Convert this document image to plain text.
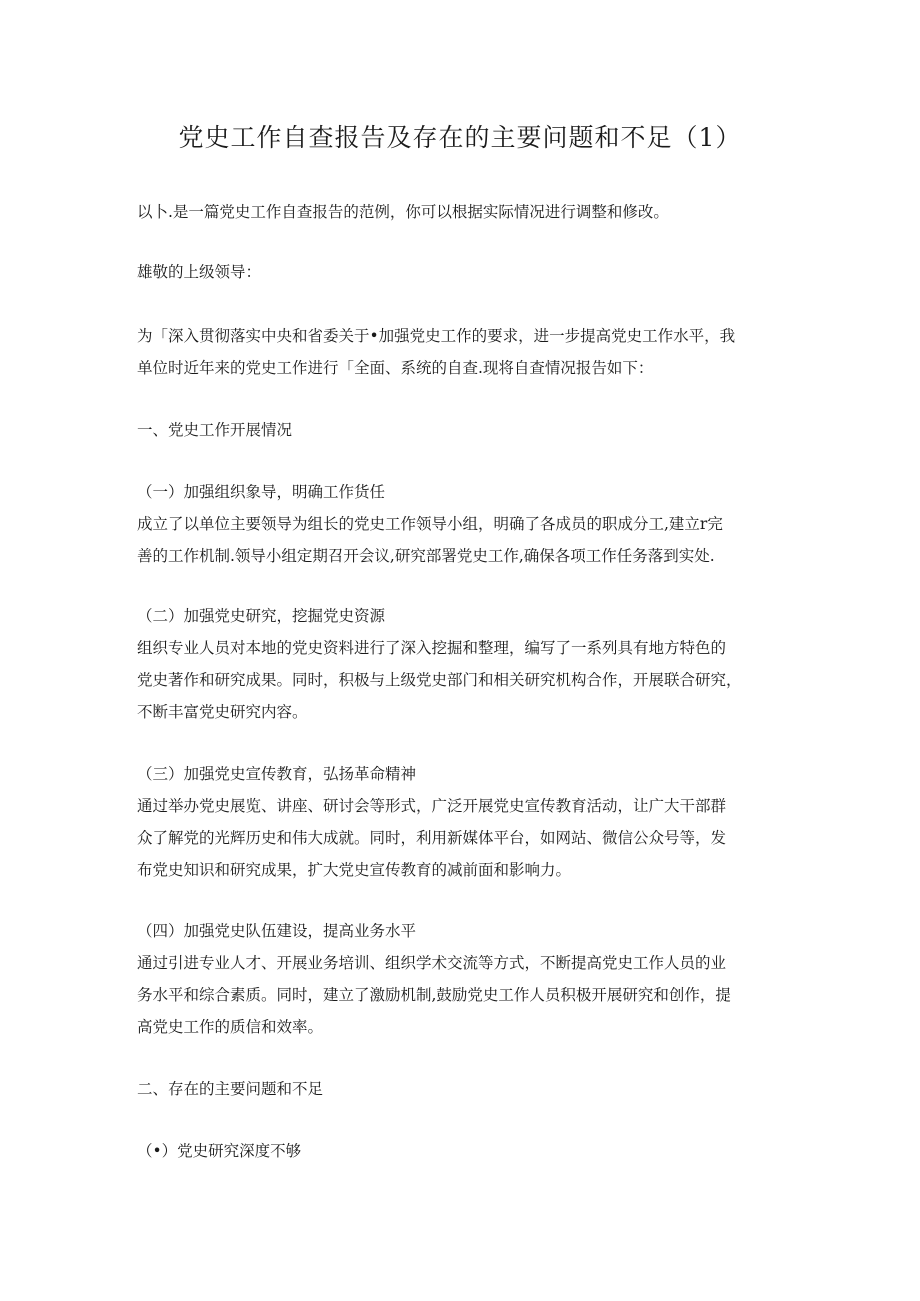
党史工作自查报告及存在的主要问题和不足（1）

以卜.是一篇党史工作自查报告的范例，你可以根据实际情况进行调整和修改。

雄敬的上级领导：

为「深入贯彻落实中央和省委关于•加强党史工作的要求，进一步提高党史工作水平，我
单位时近年来的党史工作进行「全面、系统的自查.现将自查情况报告如下：

一、党史工作开展情况

（一）加强组织象导，明确工作货任
成立了以单位主要领导为组长的党史工作领导小组，明确了各成员的职成分工,建立r完
善的工作机制.领导小组定期召开会议,研究部署党史工作,确保各项工作任务落到实处.

（二）加强党史研究，挖掘党史资源
组织专业人员对本地的党史资料进行了深入挖掘和整理，编写了一系列具有地方特色的
党史著作和研究成果。同时，积极与上级党史部门和相关研究机构合作，开展联合研究，
不断丰富党史研究内容。

（三）加强党史宣传教育，弘扬革命精神
通过举办党史展览、讲座、研讨会等形式，广泛开展党史宣传教育活动，让广大干部群
众了解党的光辉历史和伟大成就。同时，利用新媒体平台，如网站、微信公众号等，发
布党史知识和研究成果，扩大党史宣传教育的减前面和影响力。

（四）加强党史队伍建设，提高业务水平
通过引进专业人才、开展业务培训、组织学术交流等方式，不断提高党史工作人员的业
务水平和综合素质。同时，建立了激励机制,鼓励党史工作人员积极开展研究和创作，提
高党史工作的质信和效率。

二、存在的主要问题和不足

（•）党史研究深度不够
